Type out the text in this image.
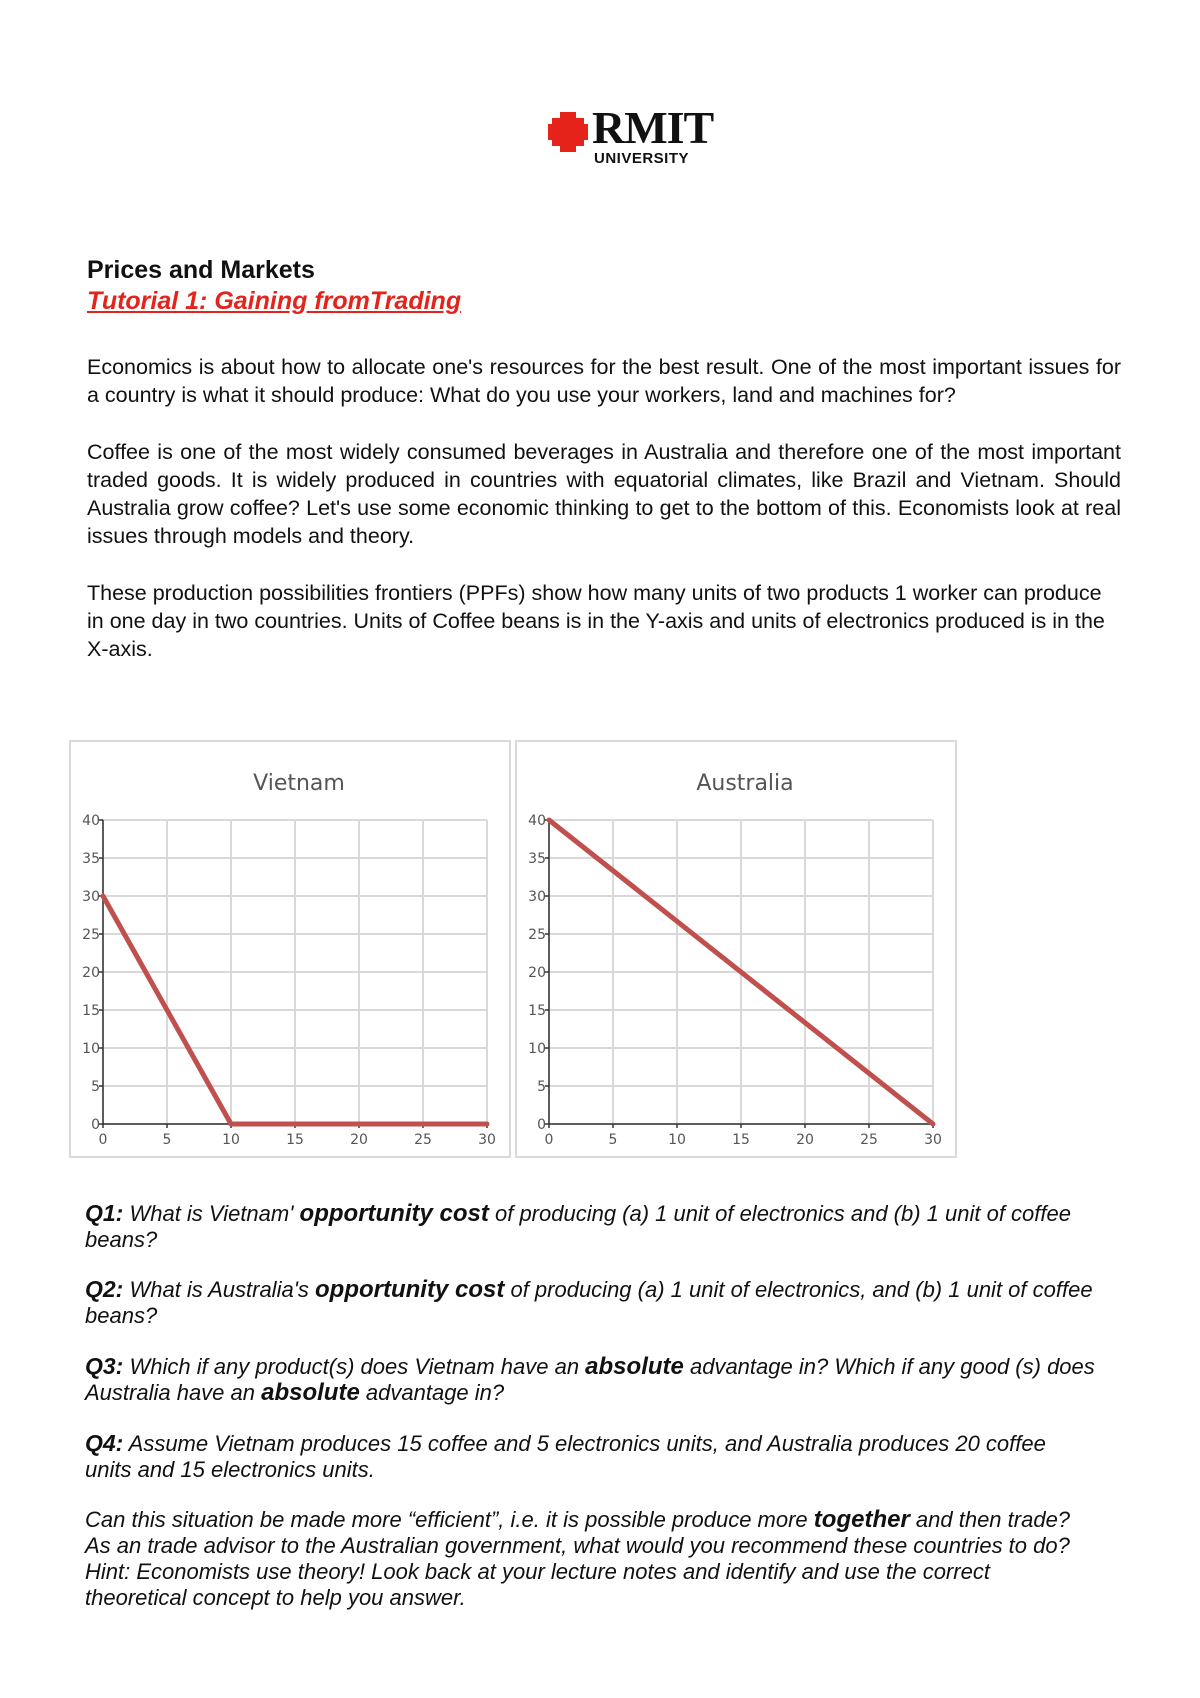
RMIT
UNIVERSITY

Prices and Markets

Tutorial 1: Gaining fromTrading

Economics is about how to allocate one's resources for the best result. One of the most important issues for a country is what it should produce: What do you use your workers, land and machines for?

Coffee is one of the most widely consumed beverages in Australia and therefore one of the most important traded goods. It is widely produced in countries with equatorial climates, like Brazil and Vietnam. Should Australia grow coffee? Let's use some economic thinking to get to the bottom of this. Economists look at real issues through models and theory.

These production possibilities frontiers (PPFs) show how many units of two products 1 worker can produce in one day in two countries. Units of Coffee beans is in the Y-axis and units of electronics produced is in the X-axis.

Vietnam
0
5
10
15
20
25
30
35
40
0	5	10	15	20	25	30
Australia
0
5
10
15
20
25
30
35
40
0	5	10	15	20	25	30
Q1: What is Vietnam' opportunity cost of producing (a) 1 unit of electronics and (b) 1 unit of coffee beans?
Q2: What is Australia's opportunity cost of producing (a) 1 unit of electronics, and (b) 1 unit of coffee beans?
Q3: Which if any product(s) does Vietnam have an absolute advantage in? Which if any good (s) does Australia have an absolute advantage in?
Q4: Assume Vietnam produces 15 coffee and 5 electronics units, and Australia produces 20 coffee units and 15 electronics units.
Can this situation be made more “efficient”, i.e. it is possible produce more together and then trade? As an trade advisor to the Australian government, what would you recommend these countries to do? Hint: Economists use theory! Look back at your lecture notes and identify and use the correct theoretical concept to help you answer.
